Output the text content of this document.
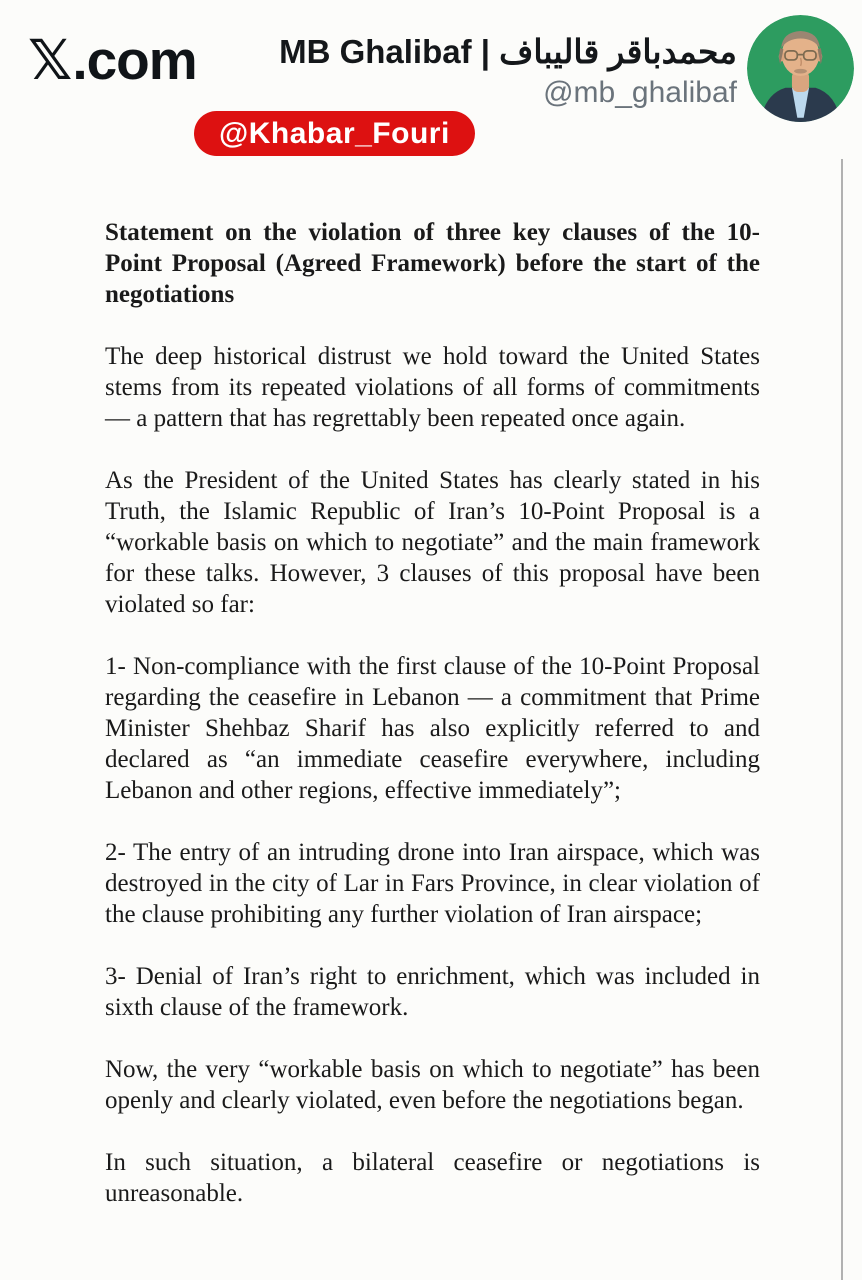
𝕏.com MB Ghalibaf | محمدباقر قالیباف
@mb_ghalibaf
@Khabar_Fouri
Statement on the violation of three key clauses of the 10-Point Proposal (Agreed Framework) before the start of the negotiations

The deep historical distrust we hold toward the United States stems from its repeated violations of all forms of commitments — a pattern that has regrettably been repeated once again.

As the President of the United States has clearly stated in his Truth, the Islamic Republic of Iran’s 10-Point Proposal is a “workable basis on which to negotiate” and the main framework for these talks. However, 3 clauses of this proposal have been violated so far:

1- Non-compliance with the first clause of the 10-Point Proposal regarding the ceasefire in Lebanon — a commitment that Prime Minister Shehbaz Sharif has also explicitly referred to and declared as “an immediate ceasefire everywhere, including Lebanon and other regions, effective immediately”;

2- The entry of an intruding drone into Iran airspace, which was destroyed in the city of Lar in Fars Province, in clear violation of the clause prohibiting any further violation of Iran airspace;

3- Denial of Iran’s right to enrichment, which was included in sixth clause of the framework.

Now, the very “workable basis on which to negotiate” has been openly and clearly violated, even before the negotiations began.

In such situation, a bilateral ceasefire or negotiations is unreasonable.
